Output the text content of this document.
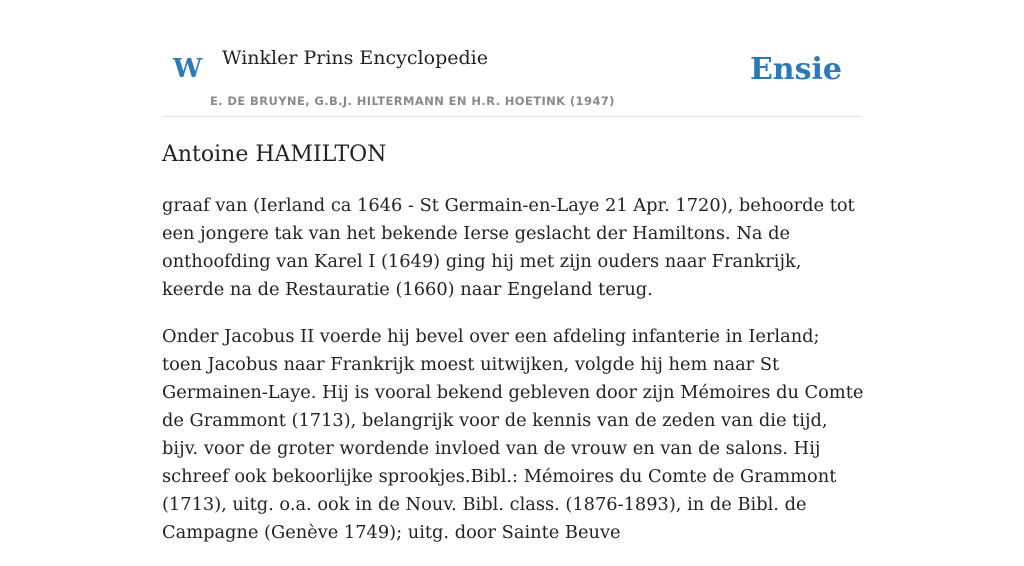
W Winkler Prins Encyclopedie
E. DE BRUYNE, G.B.J. HILTERMANN EN H.R. HOETINK (1947)
Ensie
Antoine HAMILTON

graaf van (Ierland ca 1646 - St Germain-en-Laye 21 Apr. 1720), behoorde tot een jongere tak van het bekende Ierse geslacht der Hamiltons. Na de onthoofding van Karel I (1649) ging hij met zijn ouders naar Frankrijk, keerde na de Restauratie (1660) naar Engeland terug.

Onder Jacobus II voerde hij bevel over een afdeling infanterie in Ierland; toen Jacobus naar Frankrijk moest uitwijken, volgde hij hem naar St Germainen-Laye. Hij is vooral bekend gebleven door zijn Mémoires du Comte de Grammont (1713), belangrijk voor de kennis van de zeden van die tijd, bijv. voor de groter wordende invloed van de vrouw en van de salons. Hij schreef ook bekoorlijke sprookjes.Bibl.: Mémoires du Comte de Grammont (1713), uitg. o.a. ook in de Nouv. Bibl. class. (1876-1893), in de Bibl. de Campagne (Genève 1749); uitg. door Sainte Beuve
